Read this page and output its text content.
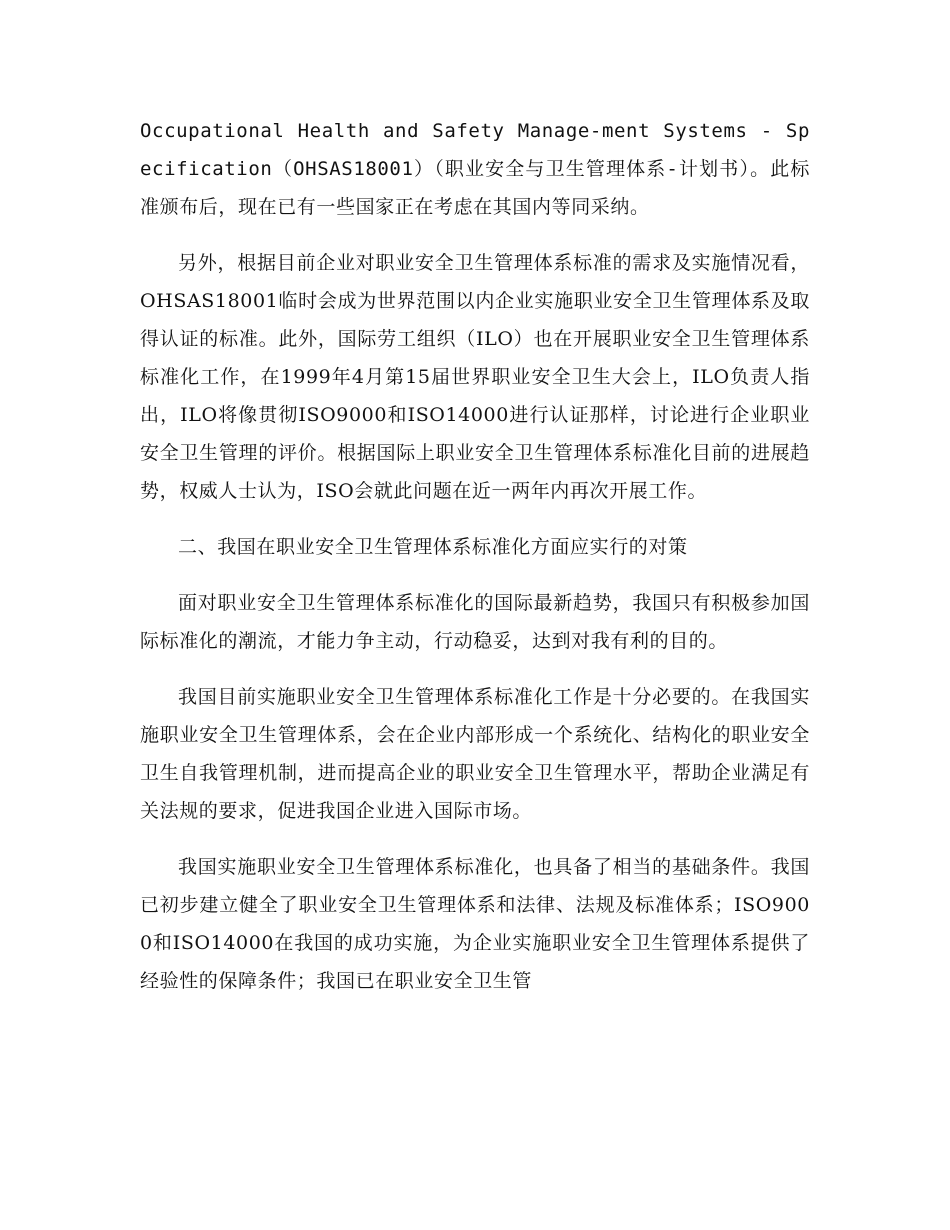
Occupational Health and Safety Manage-ment Systems - Specification（OHSAS18001）（职业安全与卫生管理体系-计划书）。此标准颁布后，现在已有一些国家正在考虑在其国内等同采纳。

另外，根据目前企业对职业安全卫生管理体系标准的需求及实施情况看，OHSAS18001临时会成为世界范围以内企业实施职业安全卫生管理体系及取得认证的标准。此外，国际劳工组织（ILO）也在开展职业安全卫生管理体系标准化工作，在1999年4月第15届世界职业安全卫生大会上，ILO负责人指出，ILO将像贯彻ISO9000和ISO14000进行认证那样，讨论进行企业职业安全卫生管理的评价。根据国际上职业安全卫生管理体系标准化目前的进展趋势，权威人士认为，ISO会就此问题在近一两年内再次开展工作。

二、我国在职业安全卫生管理体系标准化方面应实行的对策

面对职业安全卫生管理体系标准化的国际最新趋势，我国只有积极参加国际标准化的潮流，才能力争主动，行动稳妥，达到对我有利的目的。

我国目前实施职业安全卫生管理体系标准化工作是十分必要的。在我国实施职业安全卫生管理体系，会在企业内部形成一个系统化、结构化的职业安全卫生自我管理机制，进而提高企业的职业安全卫生管理水平，帮助企业满足有关法规的要求，促进我国企业进入国际市场。

我国实施职业安全卫生管理体系标准化，也具备了相当的基础条件。我国已初步建立健全了职业安全卫生管理体系和法律、法规及标准体系；ISO9000和ISO14000在我国的成功实施，为企业实施职业安全卫生管理体系提供了经验性的保障条件；我国已在职业安全卫生管
